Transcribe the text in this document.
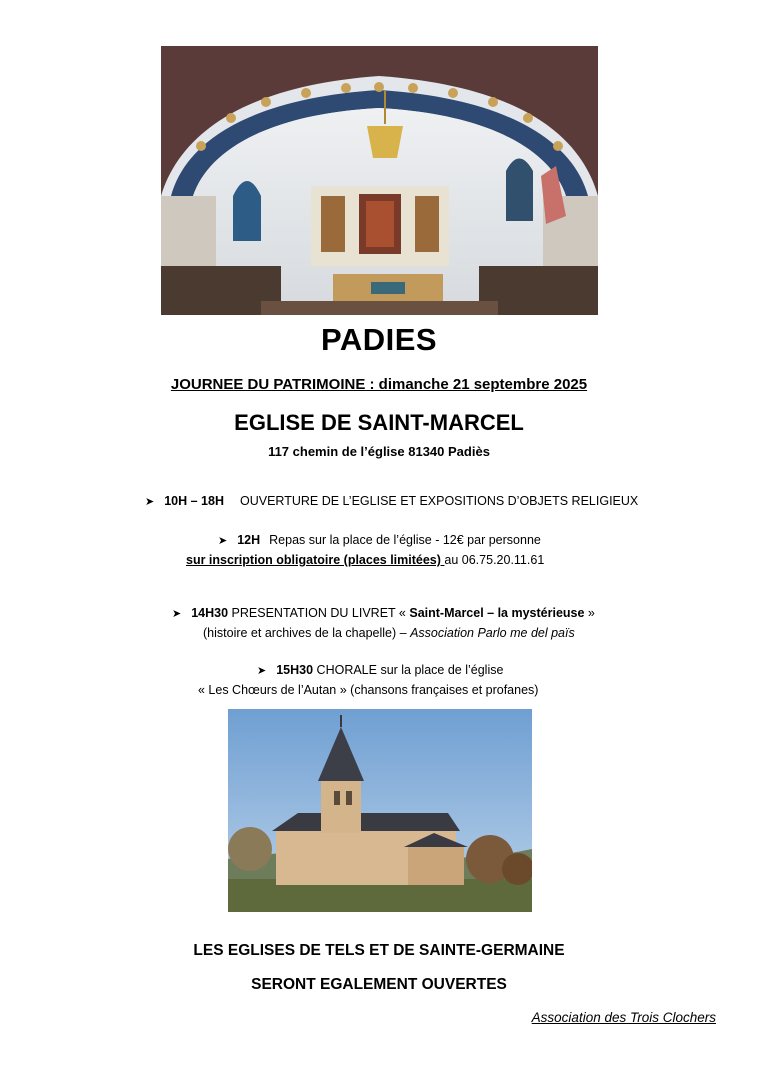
PADIES
JOURNEE DU PATRIMOINE : dimanche 21 septembre 2025
EGLISE DE SAINT-MARCEL
117 chemin de l’église 81340 Padiès
➤ 10H – 18H OUVERTURE DE L’EGLISE ET EXPOSITIONS D’OBJETS RELIGIEUX
➤ 12H Repas sur la place de l’église - 12€ par personne
sur inscription obligatoire (places limitées) au 06.75.20.11.61
➤ 14H30 PRESENTATION DU LIVRET « Saint-Marcel – la mystérieuse »
(histoire et archives de la chapelle) – Association Parlo me del païs
➤ 15H30 CHORALE sur la place de l’église
« Les Chœurs de l’Autan » (chansons françaises et profanes)
LES EGLISES DE TELS ET DE SAINTE-GERMAINE
SERONT EGALEMENT OUVERTES
Association des Trois Clochers
